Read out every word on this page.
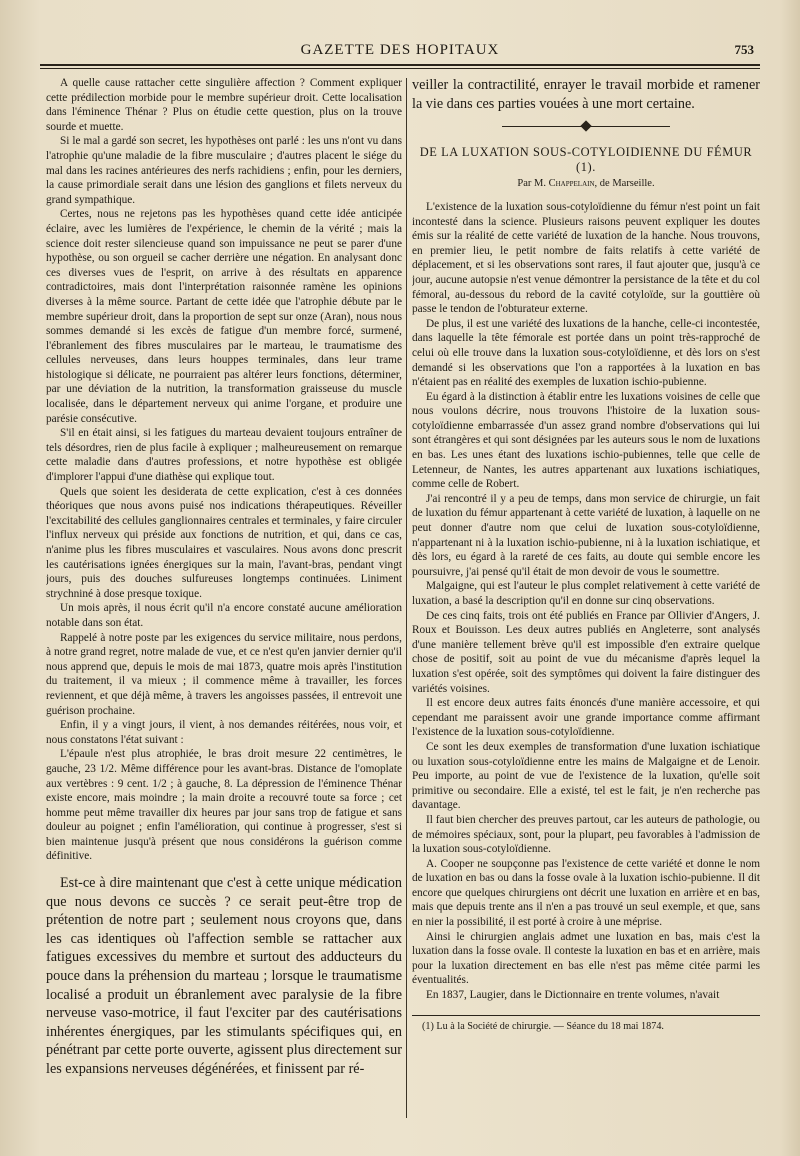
GAZETTE DES HOPITAUX	753

A quelle cause rattacher cette singulière affection ? Comment expliquer cette prédilection morbide pour le membre supérieur droit. Cette localisation dans l'éminence Thénar ? Plus on étudie cette question, plus on la trouve sourde et muette.

Si le mal a gardé son secret, les hypothèses ont parlé : les uns n'ont vu dans l'atrophie qu'une maladie de la fibre musculaire ; d'autres placent le siége du mal dans les racines antérieures des nerfs rachidiens ; enfin, pour les derniers, la cause primordiale serait dans une lésion des ganglions et filets nerveux du grand sympathique.

Certes, nous ne rejetons pas les hypothèses quand cette idée anticipée éclaire, avec les lumières de l'expérience, le chemin de la vérité ; mais la science doit rester silencieuse quand son impuissance ne peut se parer d'une hypothèse, ou son orgueil se cacher derrière une négation. En analysant donc ces diverses vues de l'esprit, on arrive à des résultats en apparence contradictoires, mais dont l'interprétation raisonnée ramène les opinions diverses à la même source. Partant de cette idée que l'atrophie débute par le membre supérieur droit, dans la proportion de sept sur onze (Aran), nous nous sommes demandé si les excès de fatigue d'un membre forcé, surmené, l'ébranlement des fibres musculaires par le marteau, le traumatisme des cellules nerveuses, dans leurs houppes terminales, dans leur trame histologique si délicate, ne pourraient pas altérer leurs fonctions, déterminer, par une déviation de la nutrition, la transformation graisseuse du muscle localisée, dans le département nerveux qui anime l'organe, et produire une parésie consécutive.

S'il en était ainsi, si les fatigues du marteau devaient toujours entraîner de tels désordres, rien de plus facile à expliquer ; malheureusement on remarque cette maladie dans d'autres professions, et notre hypothèse est obligée d'implorer l'appui d'une diathèse qui explique tout.

Quels que soient les desiderata de cette explication, c'est à ces données théoriques que nous avons puisé nos indications thérapeutiques. Réveiller l'excitabilité des cellules ganglionnaires centrales et terminales, y faire circuler l'influx nerveux qui préside aux fonctions de nutrition, et qui, dans ce cas, n'anime plus les fibres musculaires et vasculaires. Nous avons donc prescrit les cautérisations ignées énergiques sur la main, l'avant-bras, pendant vingt jours, puis des douches sulfureuses longtemps continuées. Liniment strychniné à dose presque toxique.

Un mois après, il nous écrit qu'il n'a encore constaté aucune amélioration notable dans son état.

Rappelé à notre poste par les exigences du service militaire, nous perdons, à notre grand regret, notre malade de vue, et ce n'est qu'en janvier dernier qu'il nous apprend que, depuis le mois de mai 1873, quatre mois après l'institution du traitement, il va mieux ; il commence même à travailler, les forces reviennent, et que déjà même, à travers les angoisses passées, il entrevoit une guérison prochaine.

Enfin, il y a vingt jours, il vient, à nos demandes réitérées, nous voir, et nous constatons l'état suivant :

L'épaule n'est plus atrophiée, le bras droit mesure 22 centimètres, le gauche, 23 1/2. Même différence pour les avant-bras. Distance de l'omoplate aux vertèbres : 9 cent. 1/2 ; à gauche, 8. La dépression de l'éminence Thénar existe encore, mais moindre ; la main droite a recouvré toute sa force ; cet homme peut même travailler dix heures par jour sans trop de fatigue et sans douleur au poignet ; enfin l'amélioration, qui continue à progresser, s'est si bien maintenue jusqu'à présent que nous considérons la guérison comme définitive.

Est-ce à dire maintenant que c'est à cette unique médication que nous devons ce succès ? ce serait peut-être trop de prétention de notre part ; seulement nous croyons que, dans les cas identiques où l'affection semble se rattacher aux fatigues excessives du membre et surtout des adducteurs du pouce dans la préhension du marteau ; lorsque le traumatisme localisé a produit un ébranlement avec paralysie de la fibre nerveuse vaso-motrice, il faut l'exciter par des cautérisations inhérentes énergiques, par les stimulants spécifiques qui, en pénétrant par cette porte ouverte, agissent plus directement sur les expansions nerveuses dégénérées, et finissent par ré-

veiller la contractilité, enrayer le travail morbide et ramener la vie dans ces parties vouées à une mort certaine.

DE LA LUXATION SOUS-COTYLOIDIENNE DU FÉMUR (1).
Par M. Chappelain, de Marseille.

L'existence de la luxation sous-cotyloïdienne du fémur n'est point un fait incontesté dans la science. Plusieurs raisons peuvent expliquer les doutes émis sur la réalité de cette variété de luxation de la hanche. Nous trouvons, en premier lieu, le petit nombre de faits relatifs à cette variété de déplacement, et si les observations sont rares, il faut ajouter que, jusqu'à ce jour, aucune autopsie n'est venue démontrer la persistance de la tête et du col fémoral, au-dessous du rebord de la cavité cotyloïde, sur la gouttière où passe le tendon de l'obturateur externe.

De plus, il est une variété des luxations de la hanche, celle-ci incontestée, dans laquelle la tête fémorale est portée dans un point très-rapproché de celui où elle trouve dans la luxation sous-cotyloïdienne, et dès lors on s'est demandé si les observations que l'on a rapportées à la luxation en bas n'étaient pas en réalité des exemples de luxation ischio-pubienne.

Eu égard à la distinction à établir entre les luxations voisines de celle que nous voulons décrire, nous trouvons l'histoire de la luxation sous-cotyloïdienne embarrassée d'un assez grand nombre d'observations qui lui sont étrangères et qui sont désignées par les auteurs sous le nom de luxations en bas. Les unes étant des luxations ischio-pubiennes, telle que celle de Letenneur, de Nantes, les autres appartenant aux luxations ischiatiques, comme celle de Robert.

J'ai rencontré il y a peu de temps, dans mon service de chirurgie, un fait de luxation du fémur appartenant à cette variété de luxation, à laquelle on ne peut donner d'autre nom que celui de luxation sous-cotyloïdienne, n'appartenant ni à la luxation ischio-pubienne, ni à la luxation ischiatique, et dès lors, eu égard à la rareté de ces faits, au doute qui semble encore les poursuivre, j'ai pensé qu'il était de mon devoir de vous le soumettre.

Malgaigne, qui est l'auteur le plus complet relativement à cette variété de luxation, a basé la description qu'il en donne sur cinq observations.

De ces cinq faits, trois ont été publiés en France par Ollivier d'Angers, J. Roux et Bouisson. Les deux autres publiés en Angleterre, sont analysés d'une manière tellement brève qu'il est impossible d'en extraire quelque chose de positif, soit au point de vue du mécanisme d'après lequel la luxation s'est opérée, soit des symptômes qui doivent la faire distinguer des variétés voisines.

Il est encore deux autres faits énoncés d'une manière accessoire, et qui cependant me paraissent avoir une grande importance comme affirmant l'existence de la luxation sous-cotyloïdienne.

Ce sont les deux exemples de transformation d'une luxation ischiatique ou luxation sous-cotyloïdienne entre les mains de Malgaigne et de Lenoir. Peu importe, au point de vue de l'existence de la luxation, qu'elle soit primitive ou secondaire. Elle a existé, tel est le fait, je n'en recherche pas davantage.

Il faut bien chercher des preuves partout, car les auteurs de pathologie, ou de mémoires spéciaux, sont, pour la plupart, peu favorables à l'admission de la luxation sous-cotyloïdienne.

A. Cooper ne soupçonne pas l'existence de cette variété et donne le nom de luxation en bas ou dans la fosse ovale à la luxation ischio-pubienne. Il dit encore que quelques chirurgiens ont décrit une luxation en arrière et en bas, mais que depuis trente ans il n'en a pas trouvé un seul exemple, et que, sans en nier la possibilité, il est porté à croire à une méprise.

Ainsi le chirurgien anglais admet une luxation en bas, mais c'est la luxation dans la fosse ovale. Il conteste la luxation en bas et en arrière, mais pour la luxation directement en bas elle n'est pas même citée parmi les éventualités.

En 1837, Laugier, dans le Dictionnaire en trente volumes, n'avait

(1) Lu à la Société de chirurgie. — Séance du 18 mai 1874.
